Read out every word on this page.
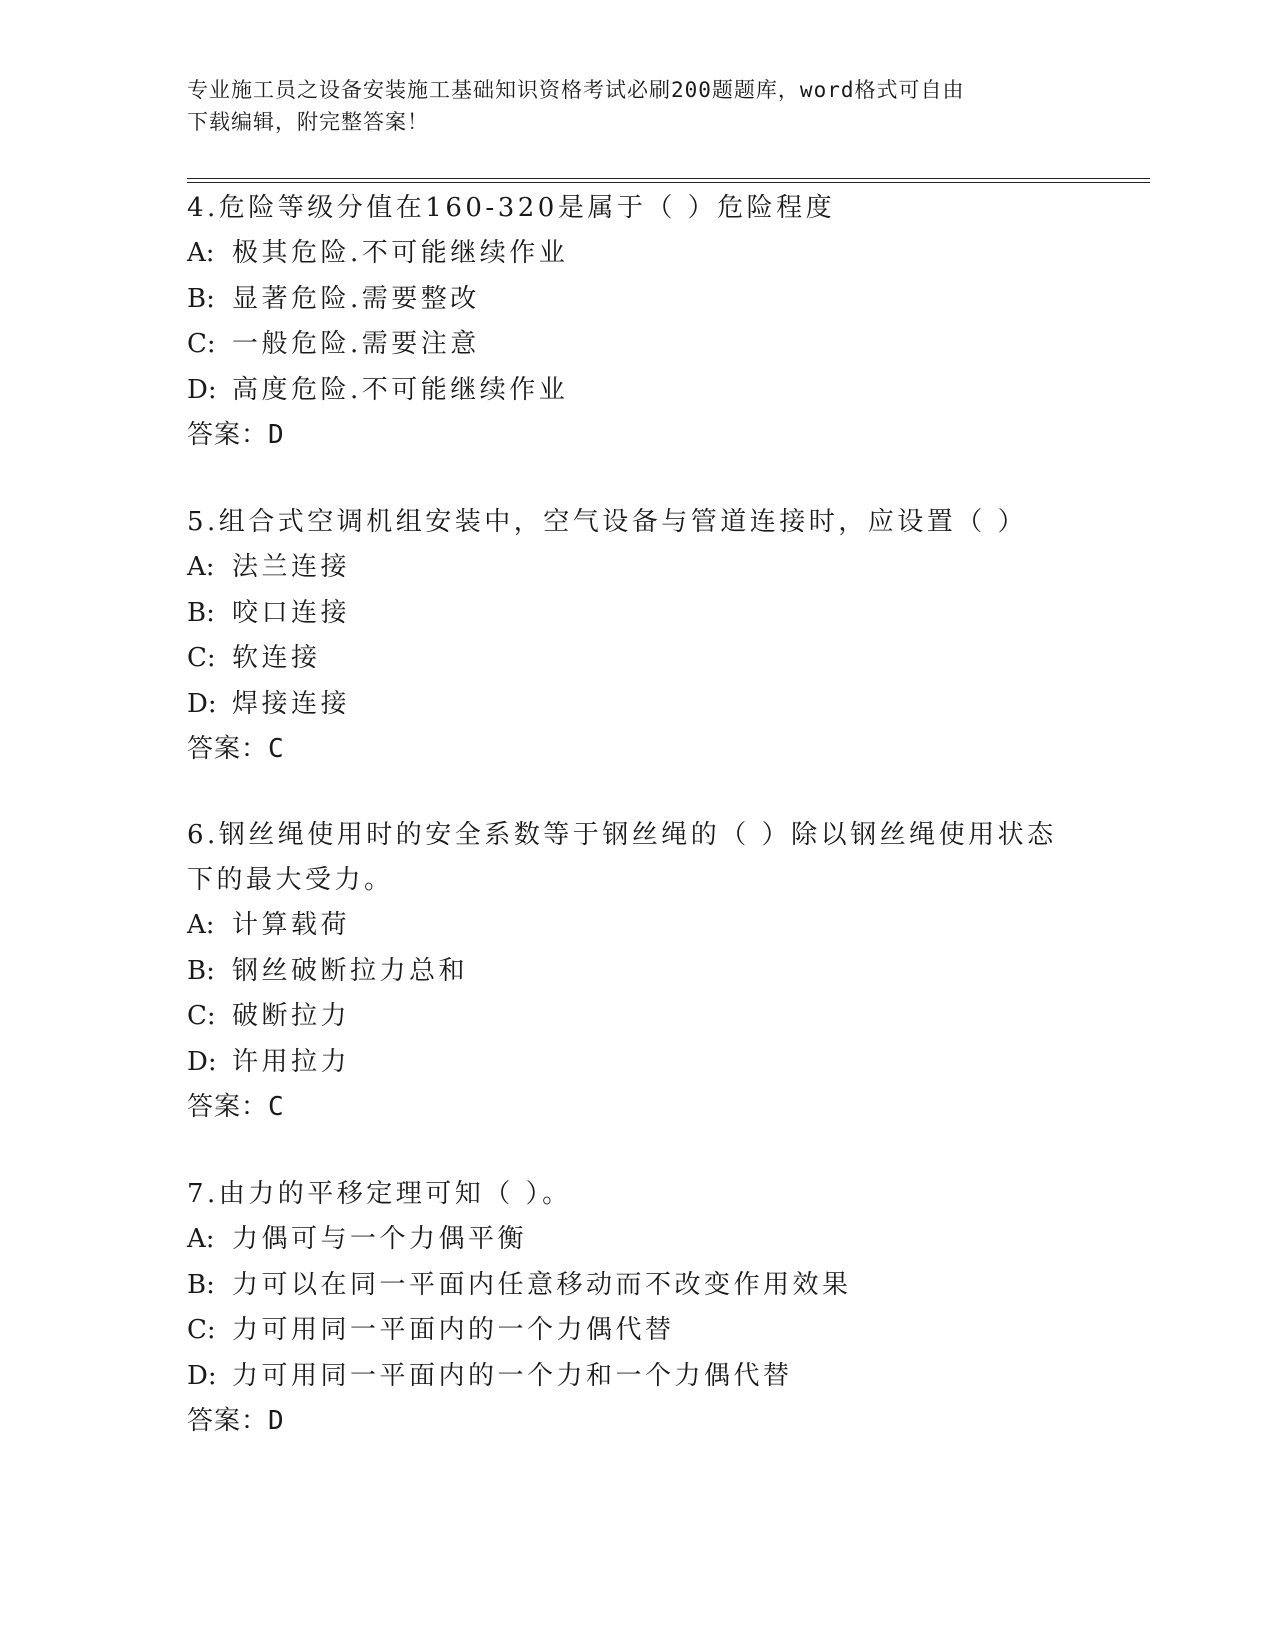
专业施工员之设备安装施工基础知识资格考试必刷200题题库，word格式可自由
下载编辑，附完整答案！

4.危险等级分值在160-320是属于（ ）危险程度

A: 极其危险.不可能继续作业
B: 显著危险.需要整改
C: 一般危险.需要注意
D: 高度危险.不可能继续作业
答案：D

5.组合式空调机组安装中，空气设备与管道连接时，应设置（ ）

A: 法兰连接
B: 咬口连接
C: 软连接
D: 焊接连接
答案：C

6.钢丝绳使用时的安全系数等于钢丝绳的（ ）除以钢丝绳使用状态下的最大受力。

A: 计算载荷
B: 钢丝破断拉力总和
C: 破断拉力
D: 许用拉力
答案：C

7.由力的平移定理可知（ ）。

A: 力偶可与一个力偶平衡
B: 力可以在同一平面内任意移动而不改变作用效果
C: 力可用同一平面内的一个力偶代替
D: 力可用同一平面内的一个力和一个力偶代替
答案：D
